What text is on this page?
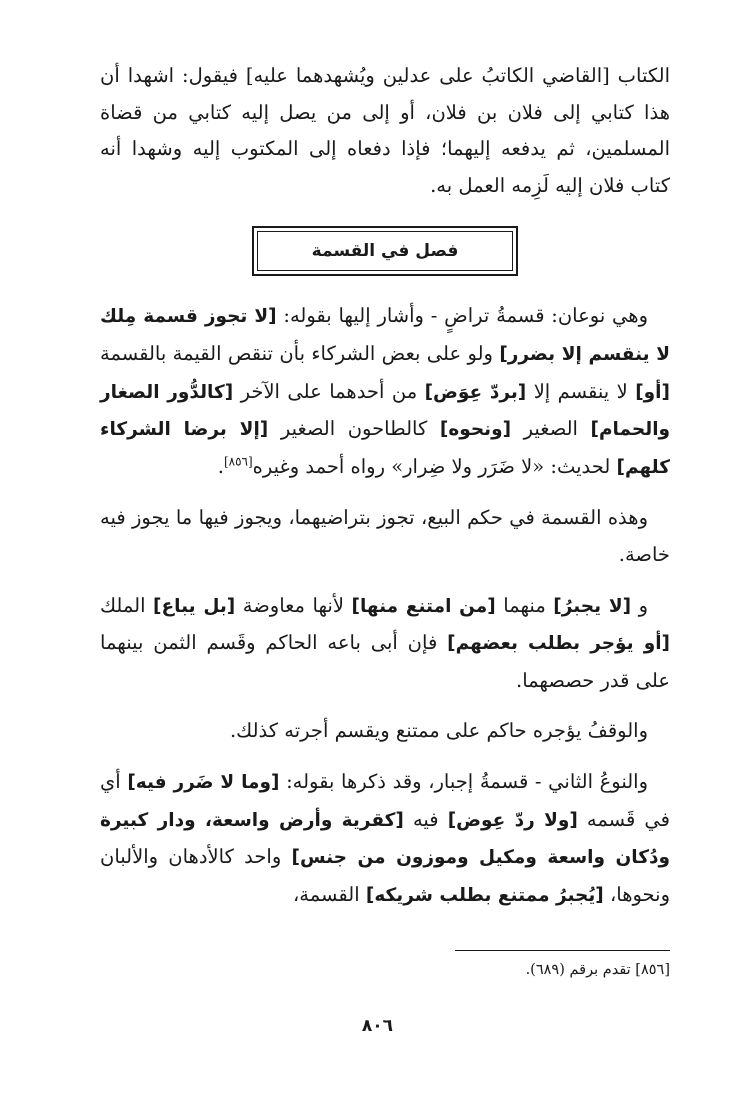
الكتاب [القاضي الكاتبُ على عدلين ويُشهدهما عليه] فيقول: اشهدا أن هذا كتابي إلى فلان بن فلان، أو إلى من يصل إليه كتابي من قضاة المسلمين، ثم يدفعه إليهما؛ فإذا دفعاه إلى المكتوب إليه وشهدا أنه كتاب فلان إليه لَزِمه العمل به.

فصل في القسمة

وهي نوعان: قسمةُ تراضٍ - وأشار إليها بقوله: [لا تجوز قسمة مِلك لا ينقسم إلا بضرر] ولو على بعض الشركاء بأن تنقص القيمة بالقسمة [أو] لا ينقسم إلا [بردّ عِوَض] من أحدهما على الآخر [كالدُّور الصغار والحمام] الصغير [ونحوه] كالطاحون الصغير [إلا برضا الشركاء كلهم] لحديث: «لا ضَرَر ولا ضِرار» رواه أحمد وغيره[٨٥٦].

وهذه القسمة في حكم البيع، تجوز بتراضيهما، ويجوز فيها ما يجوز فيه خاصة.

و [لا يجبرُ] منهما [من امتنع منها] لأنها معاوضة [بل يباع] الملك [أو يؤجر بطلب بعضهم] فإن أبى باعه الحاكم وقَسم الثمن بينهما على قدر حصصهما.

والوقفُ يؤجره حاكم على ممتنع ويقسم أجرته كذلك.

والنوعُ الثاني - قسمةُ إجبار، وقد ذكرها بقوله: [وما لا ضَرر فيه] أي في قَسمه [ولا ردّ عِوض] فيه [كقرية وأرض واسعة، ودار كبيرة ودُكان واسعة ومكيل وموزون من جنس] واحد كالأدهان والألبان ونحوها، [يُجبرُ ممتنع بطلب شريكه] القسمة،

[٨٥٦] تقدم برقم (٦٨٩).
٨٠٦
